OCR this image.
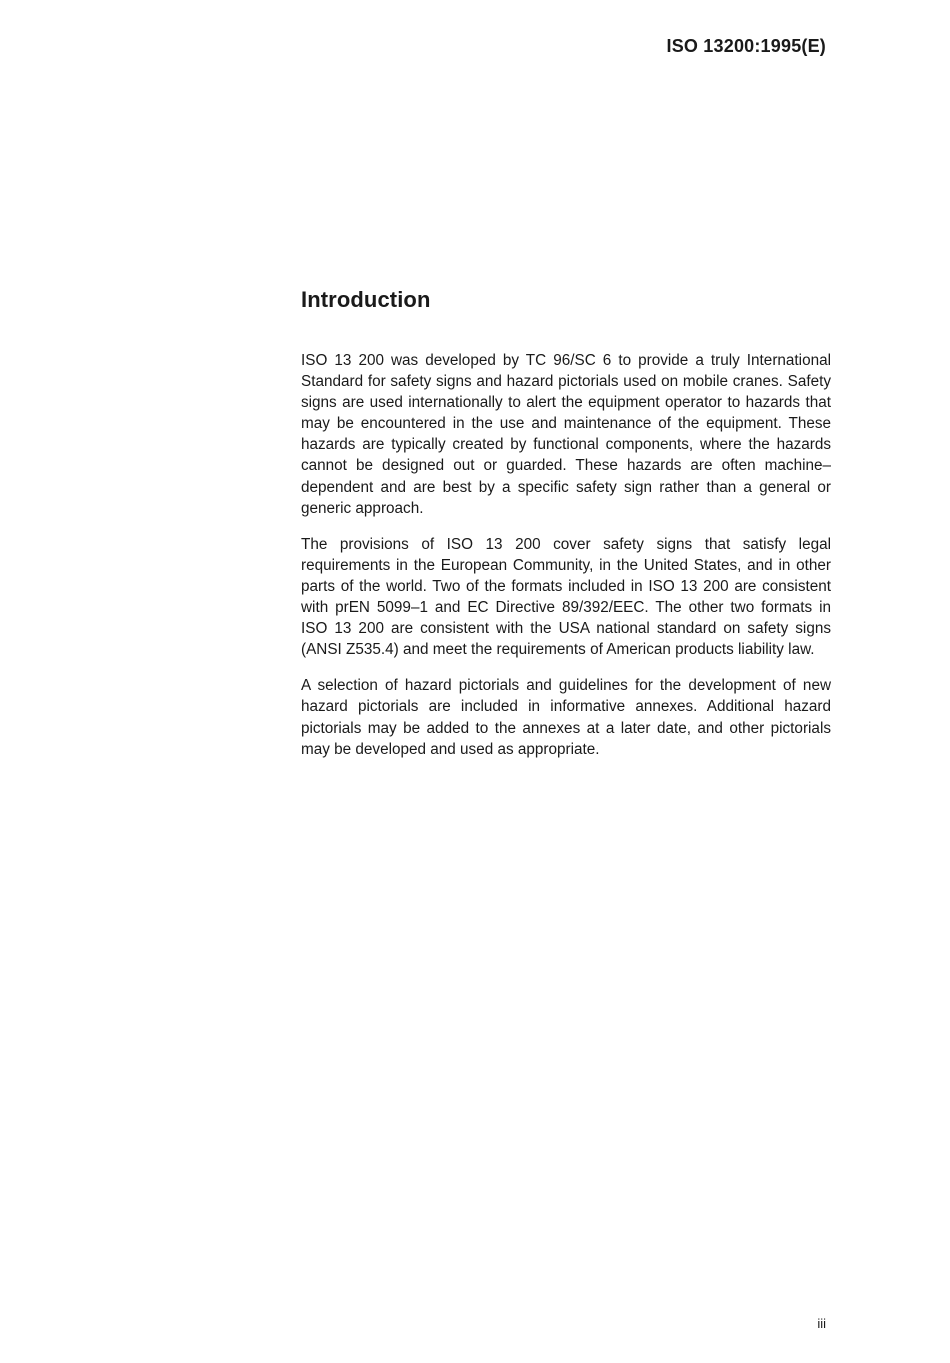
ISO 13200:1995(E)
Introduction

ISO 13 200 was developed by TC 96/SC 6 to provide a truly International Standard for safety signs and hazard pictorials used on mobile cranes. Safety signs are used internationally to alert the equipment operator to hazards that may be encountered in the use and maintenance of the equipment. These hazards are typically created by functional components, where the hazards cannot be designed out or guarded. These hazards are often machine–dependent and are best by a specific safety sign rather than a general or generic approach.

The provisions of ISO 13 200 cover safety signs that satisfy legal requirements in the European Community, in the United States, and in other parts of the world. Two of the formats included in ISO 13 200 are consistent with prEN 5099–1 and EC Directive 89/392/EEC. The other two formats in ISO 13 200 are consistent with the USA national standard on safety signs (ANSI Z535.4) and meet the requirements of American products liability law.

A selection of hazard pictorials and guidelines for the development of new hazard pictorials are included in informative annexes. Additional hazard pictorials may be added to the annexes at a later date, and other pictorials may be developed and used as appropriate.

iii
